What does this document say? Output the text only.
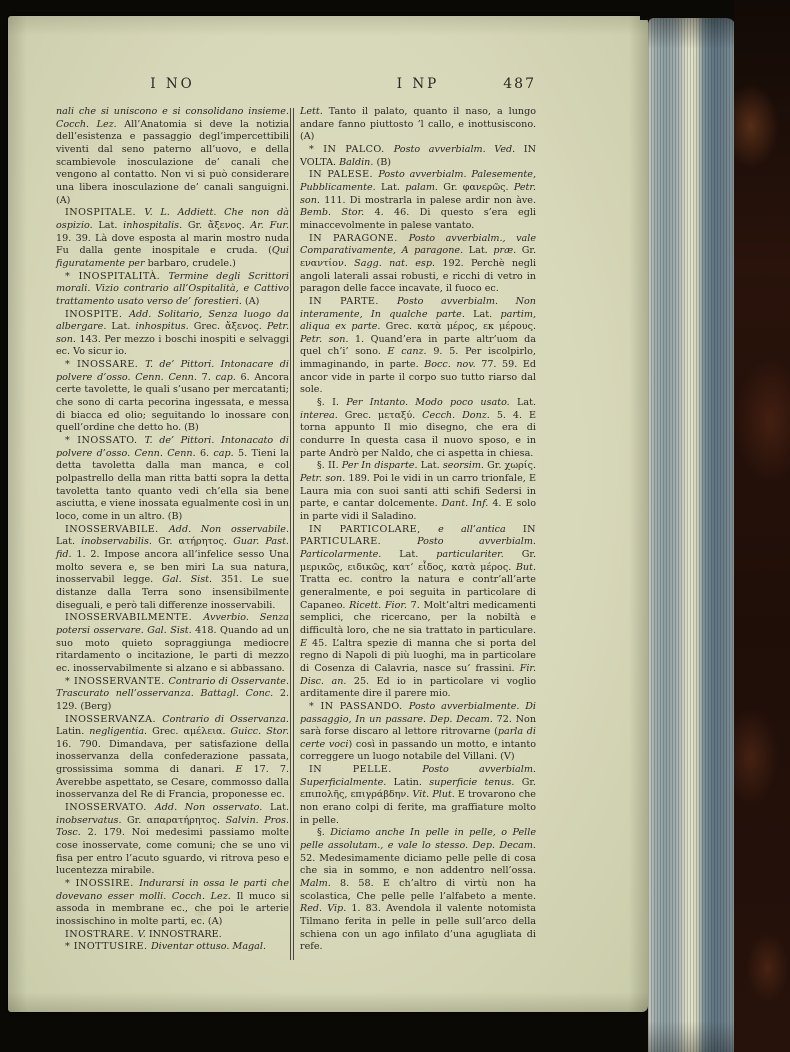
I NO	I NP	487

nali che si uniscono e si consolidano insieme. Cocch. Lez. All’Anatomia si deve la notizia dell’esistenza e passaggio degl’impercettibili viventi dal seno paterno all’uovo, e della scambievole inosculazione de’ canali che vengono al contatto. Non vi si può considerare una libera inosculazione de’ canali sanguigni. (A)

INOSPITALE. V. L. Addiett. Che non dà ospizio. Lat. inhospitalis. Gr. ἄξενος. Ar. Fur. 19. 39. Là dove esposta al marin mostro nuda Fu dalla gente inospitale e cruda. (Qui figuratamente per barbaro, crudele.)

* INOSPITALITÀ. Termine degli Scrittori morali. Vizio contrario all’Ospitalità, e Cattivo trattamento usato verso de’ forestieri. (A)

INOSPITE. Add. Solitario, Senza luogo da albergare. Lat. inhospitus. Grec. ἄξενος. Petr. son. 143. Per mezzo i boschi inospiti e selvaggi ec. Vo sicur io.

* INOSSARE. T. de’ Pittori. Intonacare di polvere d’osso. Cenn. Cenn. 7. cap. 6. Ancora certe tavolette, le quali s’usano per mercatanti; che sono di carta pecorina ingessata, e messa di biacca ed olio; seguitando lo inossare con quell’ordine che detto ho. (B)

* INOSSATO. T. de’ Pittori. Intonacato di polvere d’osso. Cenn. Cenn. 6. cap. 5. Tieni la detta tavoletta dalla man manca, e col polpastrello della man ritta batti sopra la detta tavoletta tanto quanto vedi ch’ella sia bene asciutta, e viene inossata egualmente così in un loco, come in un altro. (B)

INOSSERVABILE. Add. Non osservabile. Lat. inobservabilis. Gr. ατήρητος. Guar. Past. fid. 1. 2. Impose ancora all’infelice sesso Una molto severa e, se ben miri La sua natura, inosservabil legge. Gal. Sist. 351. Le sue distanze dalla Terra sono insensibilmente diseguali, e però tali differenze inosservabili.

INOSSERVABILMENTE. Avverbio. Senza potersi osservare. Gal. Sist. 418. Quando ad un suo moto quieto sopraggiunga mediocre ritardamento o incitazione, le parti di mezzo ec. inosservabilmente si alzano e si abbassano.

* INOSSERVANTE. Contrario di Osservante. Trascurato nell’osservanza. Battagl. Conc. 2. 129. (Berg)

INOSSERVANZA. Contrario di Osservanza. Latin. negligentia. Grec. αμέλεια. Guicc. Stor. 16. 790. Dimandava, per satisfazione della inosservanza della confederazione passata, grossissima somma di danari. E 17. 7. Averebbe aspettato, se Cesare, commosso dalla inosservanza del Re di Francia, proponesse ec.

INOSSERVATO. Add. Non osservato. Lat. inobservatus. Gr. απαρατήρητος. Salvin. Pros. Tosc. 2. 179. Noi medesimi passiamo molte cose inosservate, come comuni; che se uno vi fisa per entro l’acuto sguardo, vi ritrova peso e lucentezza mirabile.

* INOSSIRE. Indurarsi in ossa le parti che dovevano esser molli. Cocch. Lez. Il muco si assoda in membrane ec., che poi le arterie inossischino in molte parti, ec. (A)

INOSTRARE. V. INNOSTRARE.

* INOTTUSIRE. Diventar ottuso. Magal.

Lett. Tanto il palato, quanto il naso, a lungo andare fanno piuttosto ’l callo, e inottusiscono. (A)

* IN PALCO. Posto avverbialm. Ved. IN VOLTA. Baldin. (B)

IN PALESE. Posto avverbialm. Palesemente, Pubblicamente. Lat. palam. Gr. φανερῶς. Petr. son. 111. Di mostrarla in palese ardir non àve. Bemb. Stor. 4. 46. Di questo s’era egli minaccevolmente in palese vantato.

IN PARAGONE. Posto avverbialm., vale Comparativamente, A paragone. Lat. præ. Gr. εναντίον. Sagg. nat. esp. 192. Perchè negli angoli laterali assai robusti, e ricchi di vetro in paragon delle facce incavate, il fuoco ec.

IN PARTE. Posto avverbialm. Non interamente, In qualche parte. Lat. partim, aliqua ex parte. Grec. κατὰ μέρος, εκ μέρους. Petr. son. 1. Quand’era in parte altr’uom da quel ch’i’ sono. E canz. 9. 5. Per iscolpirlo, immaginando, in parte. Bocc. nov. 77. 59. Ed ancor vide in parte il corpo suo tutto riarso dal sole.

§. I. Per Intanto. Modo poco usato. Lat. interea. Grec. μεταξύ. Cecch. Donz. 5. 4. E torna appunto Il mio disegno, che era di condurre In questa casa il nuovo sposo, e in parte Andrò per Naldo, che ci aspetta in chiesa.

§. II. Per In disparte. Lat. seorsim. Gr. χωρίς. Petr. son. 189. Poi le vidi in un carro trionfale, E Laura mia con suoi santi atti schifi Sedersi in parte, e cantar dolcemente. Dant. Inf. 4. E solo in parte vidi il Saladino.

IN PARTICOLARE, e all’antica IN PARTICULARE. Posto avverbialm. Particolarmente. Lat. particulariter. Gr. μερικῶς, ειδικῶς, κατ’ εἶδος, κατὰ μέρος. But. Tratta ec. contro la natura e contr’all’arte generalmente, e poi seguita in particolare di Capaneo. Ricett. Fior. 7. Molt’altri medicamenti semplici, che ricercano, per la nobiltà e difficultà loro, che ne sia trattato in particulare. E 45. L’altra spezie di manna che si porta del regno di Napoli di più luoghi, ma in particolare di Cosenza di Calavria, nasce su’ frassini. Fir. Disc. an. 25. Ed io in particolare vi voglio arditamente dire il parere mio.

* IN PASSANDO. Posto avverbialmente. Di passaggio, In un passare. Dep. Decam. 72. Non sarà forse discaro al lettore ritrovarne (parla di certe voci) così in passando un motto, e intanto correggere un luogo notabile del Villani. (V)

IN PELLE. Posto avverbialm. Superficialmente. Latin. superficie tenus. Gr. επιπολῆς, επιγράβδην. Vit. Plut. E trovarono che non erano colpi di ferite, ma graffiature molto in pelle.

§. Diciamo anche In pelle in pelle, o Pelle pelle assolutam., e vale lo stesso. Dep. Decam. 52. Medesimamente diciamo pelle pelle di cosa che sia in sommo, e non addentro nell’ossa. Malm. 8. 58. E ch’altro di virtù non ha scolastica, Che pelle pelle l’alfabeto a mente. Red. Vip. 1. 83. Avendola il valente notomista Tilmano ferita in pelle in pelle sull’arco della schiena con un ago infilato d’una agugliata di refe.
